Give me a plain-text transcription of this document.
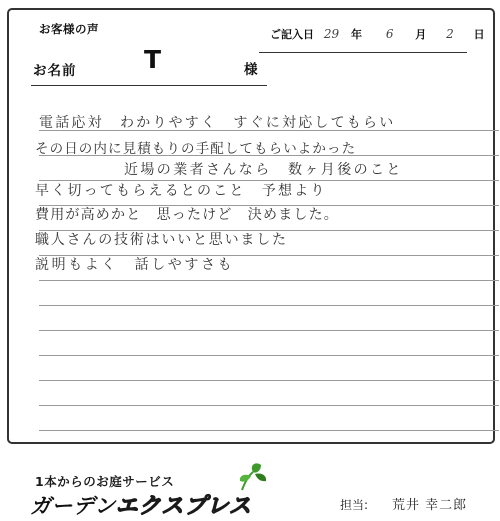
お客様の声	ご記入日 29 年 6 月 2 日
お名前	T	様
電話応対　わかりやすく　すぐに対応してもらい
その日の内に見積もりの手配してもらいよかった
近場の業者さんなら　数ヶ月後のこと
早く切ってもらえるとのこと　予想より
費用が高めかと　思ったけど　決めました。
職人さんの技術はいいと思いました
説明もよく　話しやすさも
1本からのお庭サービス
ガーデンエクスプレス	担当: 荒井 幸二郎
